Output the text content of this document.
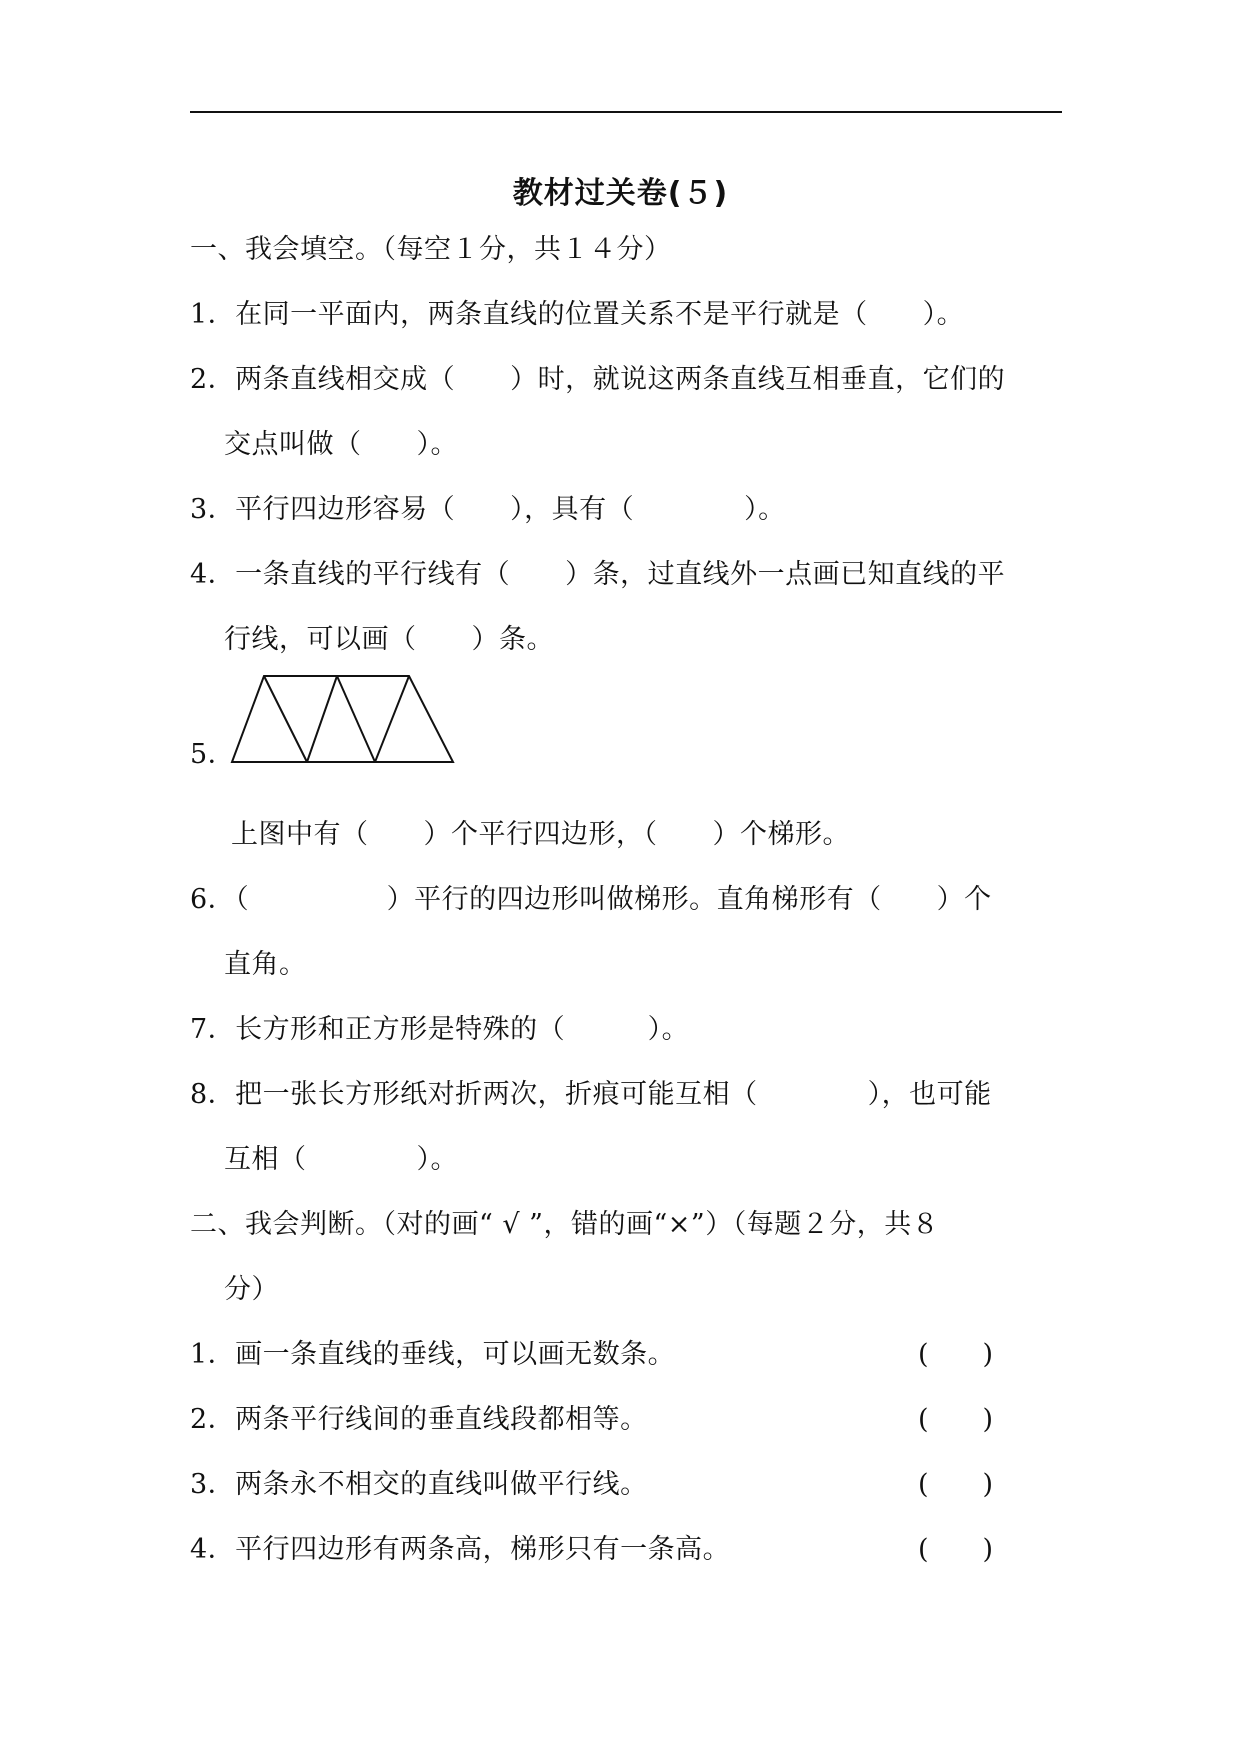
教材过关卷(５)
一、我会填空。（每空１分，共１４分）
1．在同一平面内，两条直线的位置关系不是平行就是（　　）。
2．两条直线相交成（　　）时，就说这两条直线互相垂直，它们的
交点叫做（　　）。
3．平行四边形容易（　　），具有（　　　　）。
4．一条直线的平行线有（　　）条，过直线外一点画已知直线的平
行线，可以画（　　）条。
5．
上图中有（　　）个平行四边形，（　　）个梯形。
6．（　　　　　）平行的四边形叫做梯形。直角梯形有（　　）个
直角。
7．长方形和正方形是特殊的（　　　）。
8．把一张长方形纸对折两次，折痕可能互相（　　　　），也可能
互相（　　　　）。
二、我会判断。（对的画“ √ ”，错的画“×”）（每题２分，共８
分）
1．画一条直线的垂线，可以画无数条。	(　　)
2．两条平行线间的垂直线段都相等。	(　　)
3．两条永不相交的直线叫做平行线。	(　　)
4．平行四边形有两条高，梯形只有一条高。	(　　)
